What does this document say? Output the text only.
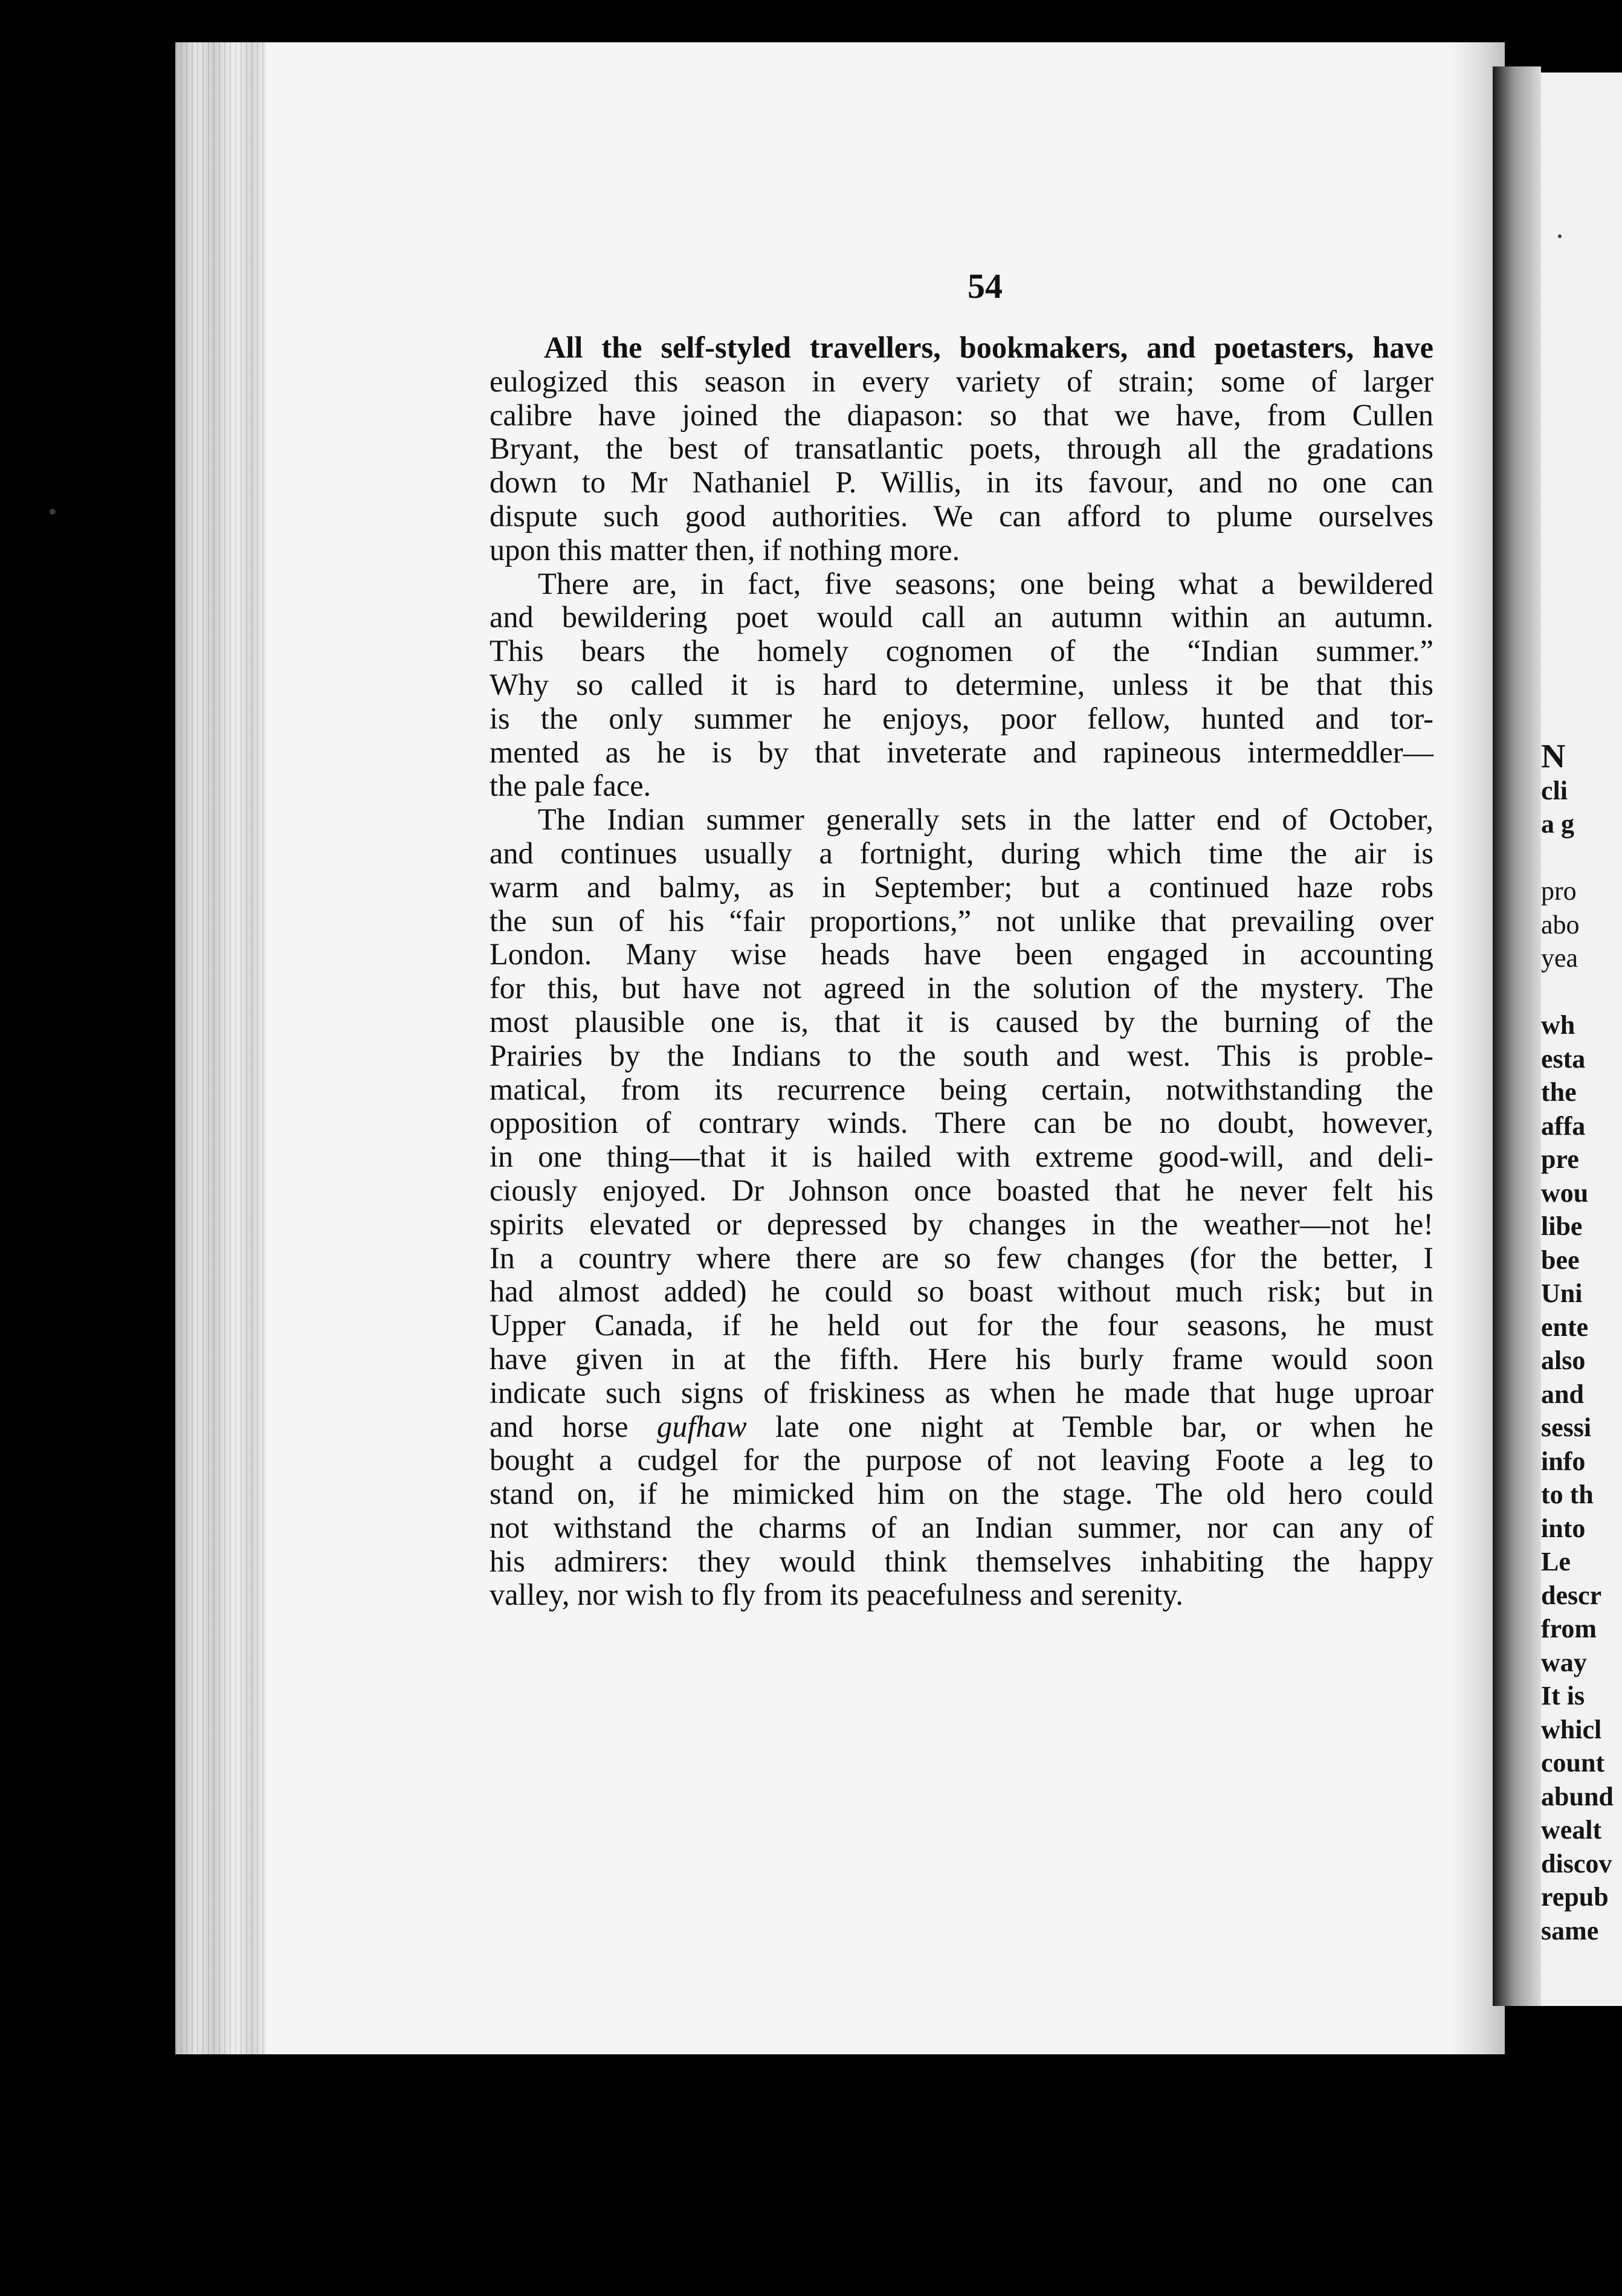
N
cli
a g
pro
abo
yea
wh
esta
the
affa
pre
wou
libe
bee
Uni
ente
also
and
sessi
info
to th
into
Le
descr
from
way
It is
whicl
count
abund
wealt
discov
repub
same
54
All the self-styled travellers, bookmakers, and poetasters, have
eulogized this season in every variety of strain; some of larger
calibre have joined the diapason: so that we have, from Cullen
Bryant, the best of transatlantic poets, through all the gradations
down to Mr Nathaniel P. Willis, in its favour, and no one can
dispute such good authorities. We can afford to plume ourselves
upon this matter then, if nothing more.
There are, in fact, five seasons; one being what a bewildered
and bewildering poet would call an autumn within an autumn.
This bears the homely cognomen of the “Indian summer.”
Why so called it is hard to determine, unless it be that this
is the only summer he enjoys, poor fellow, hunted and tor-
mented as he is by that inveterate and rapineous intermeddler—
the pale face.
The Indian summer generally sets in the latter end of October,
and continues usually a fortnight, during which time the air is
warm and balmy, as in September; but a continued haze robs
the sun of his “fair proportions,” not unlike that prevailing over
London. Many wise heads have been engaged in accounting
for this, but have not agreed in the solution of the mystery. The
most plausible one is, that it is caused by the burning of the
Prairies by the Indians to the south and west. This is proble-
matical, from its recurrence being certain, notwithstanding the
opposition of contrary winds. There can be no doubt, however,
in one thing—that it is hailed with extreme good-will, and deli-
ciously enjoyed. Dr Johnson once boasted that he never felt his
spirits elevated or depressed by changes in the weather—not he!
In a country where there are so few changes (for the better, I
had almost added) he could so boast without much risk; but in
Upper Canada, if he held out for the four seasons, he must
have given in at the fifth. Here his burly frame would soon
indicate such signs of friskiness as when he made that huge uproar
and horse gufhaw late one night at Temble bar, or when he
bought a cudgel for the purpose of not leaving Foote a leg to
stand on, if he mimicked him on the stage. The old hero could
not withstand the charms of an Indian summer, nor can any of
his admirers: they would think themselves inhabiting the happy
valley, nor wish to fly from its peacefulness and serenity.
